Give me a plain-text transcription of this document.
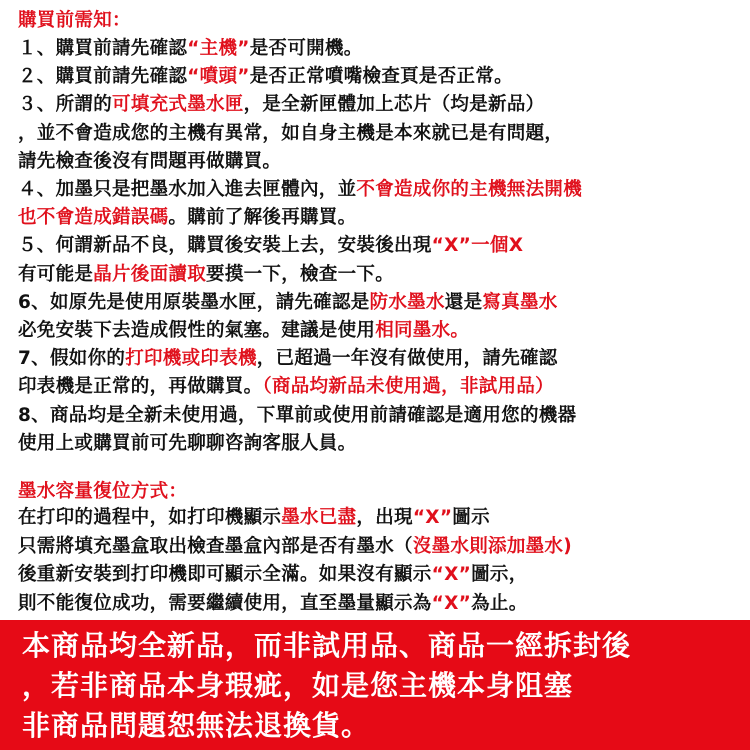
購買前需知：
１、購買前請先確認“主機”是否可開機。
２、購買前請先確認“噴頭”是否正常噴嘴檢查頁是否正常。
３、所謂的可填充式墨水匣，是全新匣體加上芯片（均是新品）
，並不會造成您的主機有異常，如自身主機是本來就已是有問題，
請先檢查後沒有問題再做購買。
４、加墨只是把墨水加入進去匣體內，並不會造成你的主機無法開機
也不會造成錯誤碼。購前了解後再購買。
５、何謂新品不良，購買後安裝上去，安裝後出現“X”一個X
有可能是晶片後面讀取要摸一下，檢查一下。
6、如原先是使用原裝墨水匣，請先確認是防水墨水還是寫真墨水
必免安裝下去造成假性的氣塞。建議是使用相同墨水。
7、假如你的打印機或印表機，已超過一年沒有做使用，請先確認
印表機是正常的，再做購買。（商品均新品未使用過，非試用品）
8、商品均是全新未使用過，下單前或使用前請確認是適用您的機器
使用上或購買前可先聊聊咨詢客服人員。
墨水容量復位方式：
在打印的過程中，如打印機顯示墨水已盡，出現“X”圖示
只需將填充墨盒取出檢查墨盒內部是否有墨水（沒墨水則添加墨水)
後重新安裝到打印機即可顯示全滿。如果沒有顯示“X”圖示，
則不能復位成功，需要繼續使用，直至墨量顯示為“X”為止。
本商品均全新品，而非試用品、商品一經拆封後
，若非商品本身瑕疵，如是您主機本身阻塞
非商品問題恕無法退換貨。
